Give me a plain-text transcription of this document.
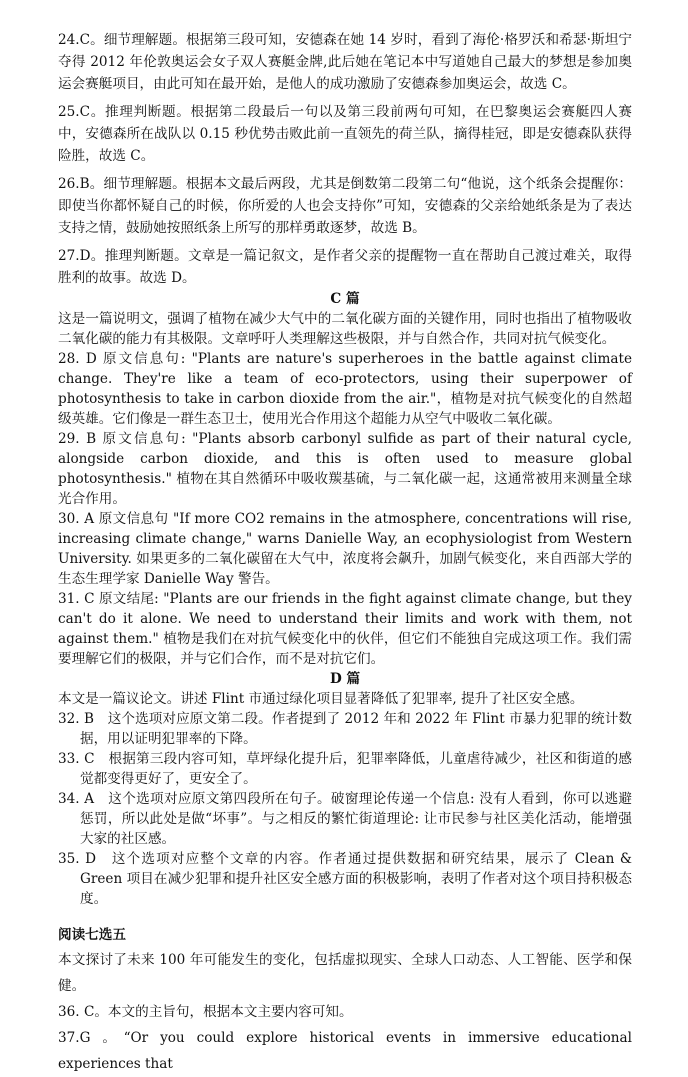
24.C。细节理解题。根据第三段可知，安德森在她 14 岁时，看到了海伦·格罗沃和希瑟·斯坦宁夺得 2012 年伦敦奥运会女子双人赛艇金牌,此后她在笔记本中写道她自己最大的梦想是参加奥运会赛艇项目，由此可知在最开始，是他人的成功激励了安德森参加奥运会，故选 C。

25.C。推理判断题。根据第二段最后一句以及第三段前两句可知，在巴黎奥运会赛艇四人赛中，安德森所在战队以 0.15 秒优势击败此前一直领先的荷兰队，摘得桂冠，即是安德森队获得险胜，故选 C。

26.B。细节理解题。根据本文最后两段，尤其是倒数第二段第二句“他说，这个纸条会提醒你：即使当你都怀疑自己的时候，你所爱的人也会支持你”可知，安德森的父亲给她纸条是为了表达支持之情，鼓励她按照纸条上所写的那样勇敢逐梦，故选 B。

27.D。推理判断题。文章是一篇记叙文，是作者父亲的提醒物一直在帮助自己渡过难关，取得胜利的故事。故选 D。

C 篇

这是一篇说明文，强调了植物在减少大气中的二氧化碳方面的关键作用，同时也指出了植物吸收二氧化碳的能力有其极限。文章呼吁人类理解这些极限，并与自然合作，共同对抗气候变化。

28. D 原文信息句: "Plants are nature's superheroes in the battle against climate change. They're like a team of eco-protectors, using their superpower of photosynthesis to take in carbon dioxide from the air."，植物是对抗气候变化的自然超级英雄。它们像是一群生态卫士，使用光合作用这个超能力从空气中吸收二氧化碳。

29. B 原文信息句: "Plants absorb carbonyl sulfide as part of their natural cycle, alongside carbon dioxide, and this is often used to measure global photosynthesis." 植物在其自然循环中吸收羰基硫，与二氧化碳一起，这通常被用来测量全球光合作用。

30. A 原文信息句 "If more CO2 remains in the atmosphere, concentrations will rise, increasing climate change," warns Danielle Way, an ecophysiologist from Western University. 如果更多的二氧化碳留在大气中，浓度将会飙升，加剧气候变化，来自西部大学的生态生理学家 Danielle Way 警告。

31. C 原文结尾: "Plants are our friends in the fight against climate change, but they can't do it alone. We need to understand their limits and work with them, not against them." 植物是我们在对抗气候变化中的伙伴，但它们不能独自完成这项工作。我们需要理解它们的极限，并与它们合作，而不是对抗它们。

D 篇

本文是一篇议论文。讲述 Flint 市通过绿化项目显著降低了犯罪率, 提升了社区安全感。

32. B　这个选项对应原文第二段。作者提到了 2012 年和 2022 年 Flint 市暴力犯罪的统计数据，用以证明犯罪率的下降。

33. C　根据第三段内容可知，草坪绿化提升后，犯罪率降低，儿童虐待减少，社区和街道的感觉都变得更好了，更安全了。

34. A　这个选项对应原文第四段所在句子。破窗理论传递一个信息: 没有人看到，你可以逃避惩罚，所以此处是做“坏事”。与之相反的繁忙街道理论: 让市民参与社区美化活动，能增强大家的社区感。

35. D　这个选项对应整个文章的内容。作者通过提供数据和研究结果，展示了 Clean & Green 项目在减少犯罪和提升社区安全感方面的积极影响，表明了作者对这个项目持积极态度。

阅读七选五

本文探讨了未来 100 年可能发生的变化，包括虚拟现实、全球人口动态、人工智能、医学和保健。

36. C。本文的主旨句，根据本文主要内容可知。

37.G 。“Or you could explore historical events in immersive educational experiences that
